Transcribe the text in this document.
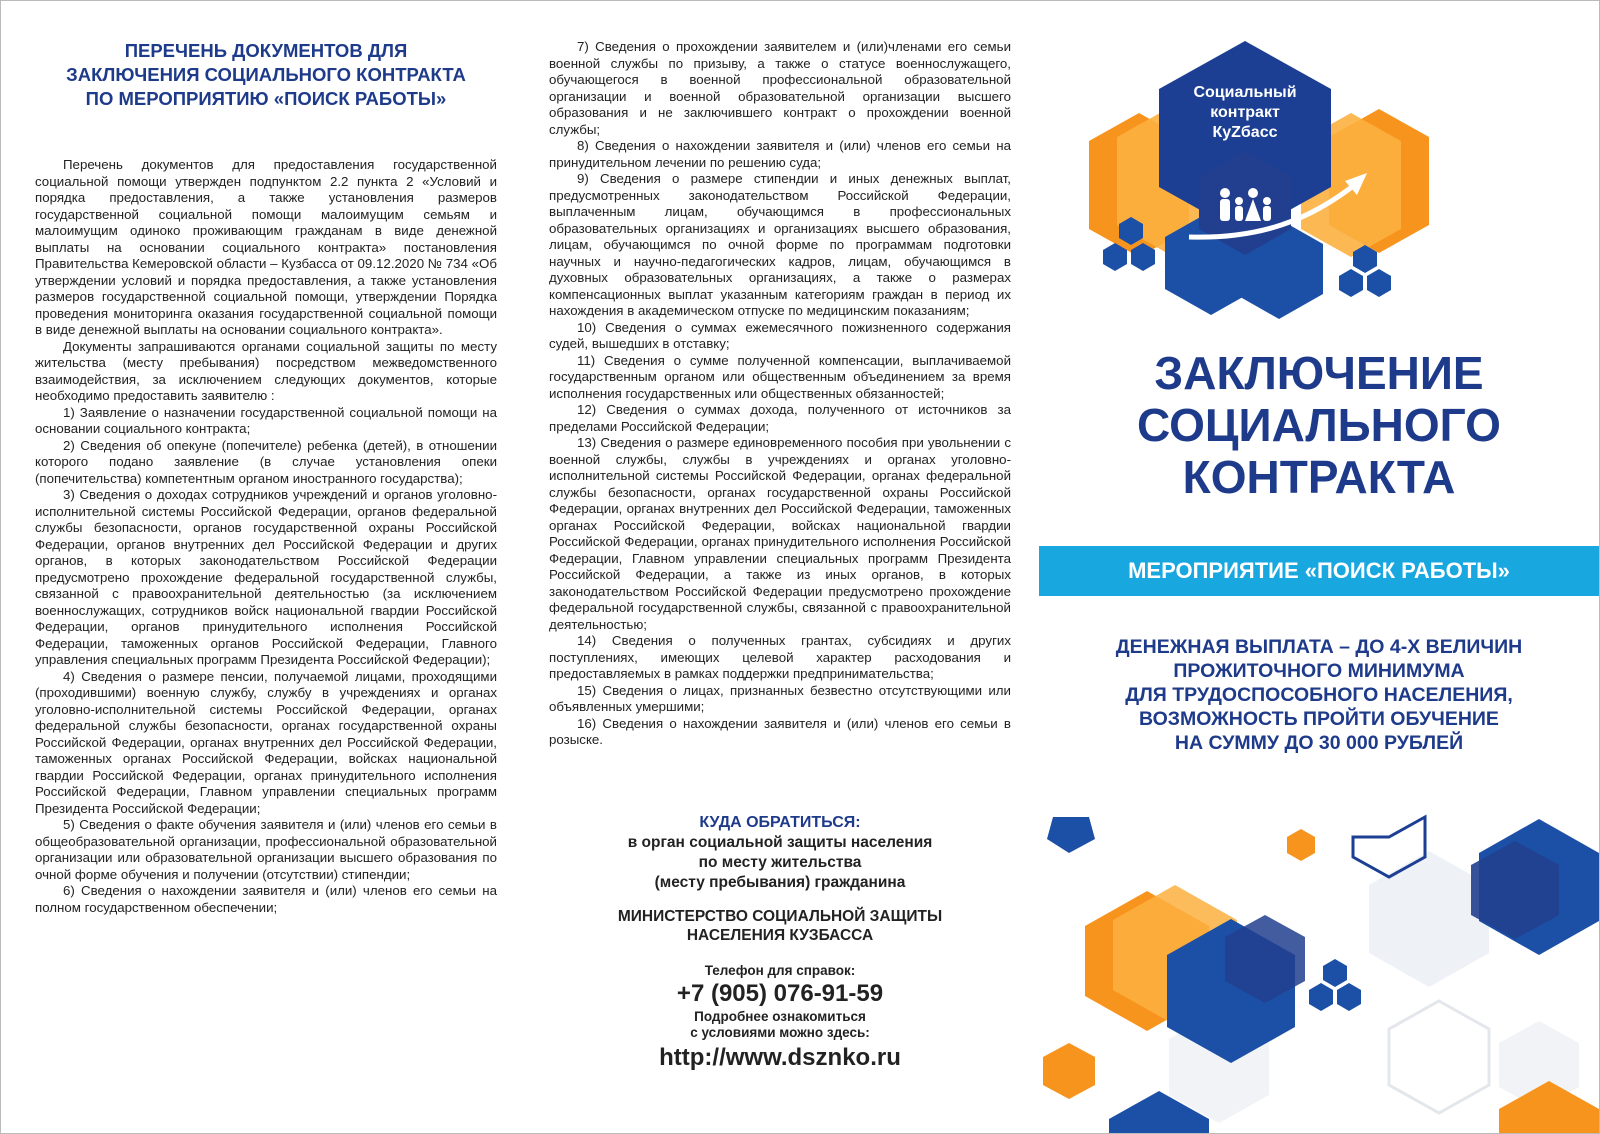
ПЕРЕЧЕНЬ ДОКУМЕНТОВ ДЛЯ
ЗАКЛЮЧЕНИЯ СОЦИАЛЬНОГО КОНТРАКТА
ПО МЕРОПРИЯТИЮ «ПОИСК РАБОТЫ»

Перечень документов для предоставления государственной социальной помощи утвержден подпунктом 2.2 пункта 2 «Условий и порядка предоставления, а также установления размеров государственной социальной помощи малоимущим семьям и малоимущим одиноко проживающим гражданам в виде денежной выплаты на основании социального контракта» постановления Правительства Кемеровской области – Кузбасса от 09.12.2020 № 734 «Об утверждении условий и порядка предоставления, а также установления размеров государственной социальной помощи, утверждении Порядка проведения мониторинга оказания государственной социальной помощи в виде денежной выплаты на основании социального контракта».

Документы запрашиваются органами социальной защиты по месту жительства (месту пребывания) посредством межведомственного взаимодействия, за исключением следующих документов, которые необходимо предоставить заявителю :

1) Заявление о назначении государственной социальной помощи на основании социального контракта;

2) Сведения об опекуне (попечителе) ребенка (детей), в отношении которого подано заявление (в случае установления опеки (попечительства) компетентным органом иностранного государства);

3) Сведения о доходах сотрудников учреждений и органов уголовно-исполнительной системы Российской Федерации, органов федеральной службы безопасности, органов государственной охраны Российской Федерации, органов внутренних дел Российской Федерации и других органов, в которых законодательством Российской Федерации предусмотрено прохождение федеральной государственной службы, связанной с правоохранительной деятельностью (за исключением военнослужащих, сотрудников войск национальной гвардии Российской Федерации, органов принудительного исполнения Российской Федерации, таможенных органов Российской Федерации, Главного управления специальных программ Президента Российской Федерации);

4) Сведения о размере пенсии, получаемой лицами, проходящими (проходившими) военную службу, службу в учреждениях и органах уголовно-исполнительной системы Российской Федерации, органах федеральной службы безопасности, органах государственной охраны Российской Федерации, органах внутренних дел Российской Федерации, таможенных органах Российской Федерации, войсках национальной гвардии Российской Федерации, органах принудительного исполнения Российской Федерации, Главном управлении специальных программ Президента Российской Федерации;

5) Сведения о факте обучения заявителя и (или) членов его семьи в общеобразовательной организации, профессиональной образовательной организации или образовательной организации высшего образования по очной форме обучения и получении (отсутствии) стипендии;

6) Сведения о нахождении заявителя и (или) членов его семьи на полном государственном обеспечении;

7) Сведения о прохождении заявителем и (или)членами его семьи военной службы по призыву, а также о статусе военнослужащего, обучающегося в военной профессиональной образовательной организации и военной образовательной организации высшего образования и не заключившего контракт о прохождении военной службы;

8) Сведения о нахождении заявителя и (или) членов его семьи на принудительном лечении по решению суда;

9) Сведения о размере стипендии и иных денежных выплат, предусмотренных законодательством Российской Федерации, выплаченным лицам, обучающимся в профессиональных образовательных организациях и организациях высшего образования, лицам, обучающимся по очной форме по программам подготовки научных и научно-педагогических кадров, лицам, обучающимся в духовных образовательных организациях, а также о размерах компенсационных выплат указанным категориям граждан в период их нахождения в академическом отпуске по медицинским показаниям;

10) Сведения о суммах ежемесячного пожизненного содержания судей, вышедших в отставку;

11) Сведения о сумме полученной компенсации, выплачиваемой государственным органом или общественным объединением за время исполнения государственных или общественных обязанностей;

12) Сведения о суммах дохода, полученного от источников за пределами Российской Федерации;

13) Сведения о размере единовременного пособия при увольнении с военной службы, службы в учреждениях и органах уголовно-исполнительной системы Российской Федерации, органах федеральной службы безопасности, органах государственной охраны Российской Федерации, органах внутренних дел Российской Федерации, таможенных органах Российской Федерации, войсках национальной гвардии Российской Федерации, органах принудительного исполнения Российской Федерации, Главном управлении специальных программ Президента Российской Федерации, а также из иных органов, в которых законодательством Российской Федерации предусмотрено прохождение федеральной государственной службы, связанной с правоохранительной деятельностью;

14) Сведения о полученных грантах, субсидиях и других поступлениях, имеющих целевой характер расходования и предоставляемых в рамках поддержки предпринимательства;

15) Сведения о лицах, признанных безвестно отсутствующими или объявленных умершими;

16) Сведения о нахождении заявителя и (или) членов его семьи в розыске.

КУДА ОБРАТИТЬСЯ:
в орган социальной защиты населения
по месту жительства
(месту пребывания) гражданина
МИНИСТЕРСТВО СОЦИАЛЬНОЙ ЗАЩИТЫ
НАСЕЛЕНИЯ КУЗБАССА
Телефон для справок:
+7 (905) 076-91-59
Подробнее ознакомиться
с условиями можно здесь:
http://www.dsznko.ru
Социальный
контракт
КуZбасс
ЗАКЛЮЧЕНИЕ
СОЦИАЛЬНОГО
КОНТРАКТА
МЕРОПРИЯТИЕ «ПОИСК РАБОТЫ»
ДЕНЕЖНАЯ ВЫПЛАТА – ДО 4-Х ВЕЛИЧИН
ПРОЖИТОЧНОГО МИНИМУМА
ДЛЯ ТРУДОСПОСОБНОГО НАСЕЛЕНИЯ,
ВОЗМОЖНОСТЬ ПРОЙТИ ОБУЧЕНИЕ
НА СУММУ ДО 30 000 РУБЛЕЙ
